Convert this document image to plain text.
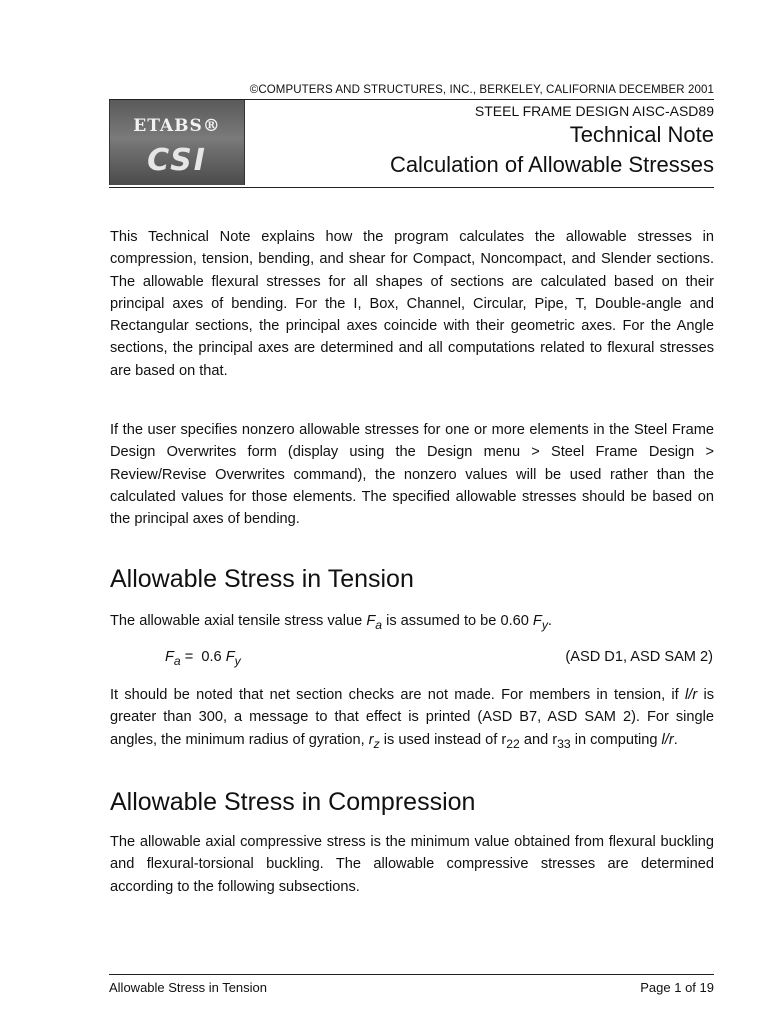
©COMPUTERS AND STRUCTURES, INC., BERKELEY, CALIFORNIA DECEMBER 2001
ETABS®
CSI
STEEL FRAME DESIGN AISC-ASD89
Technical Note
Calculation of Allowable Stresses

This Technical Note explains how the program calculates the allowable stresses in compression, tension, bending, and shear for Compact, Noncompact, and Slender sections. The allowable flexural stresses for all shapes of sections are calculated based on their principal axes of bending. For the I, Box, Channel, Circular, Pipe, T, Double-angle and Rectangular sections, the principal axes coincide with their geometric axes. For the Angle sections, the principal axes are determined and all computations related to flexural stresses are based on that.

If the user specifies nonzero allowable stresses for one or more elements in the Steel Frame Design Overwrites form (display using the Design menu > Steel Frame Design > Review/Revise Overwrites command), the nonzero values will be used rather than the calculated values for those elements. The specified allowable stresses should be based on the principal axes of bending.

Allowable Stress in Tension

The allowable axial tensile stress value $F_a$ is assumed to be 0.60 $F_y$.

$F_a = 0.6$ $F_y$	(ASD D1, ASD SAM 2)

It should be noted that net section checks are not made. For members in tension, if l/r is greater than 300, a message to that effect is printed (ASD B7, ASD SAM 2). For single angles, the minimum radius of gyration, $r_z$ is used instead of $r_{22}$ and $r_{33}$ in computing l/r.

Allowable Stress in Compression

The allowable axial compressive stress is the minimum value obtained from flexural buckling and flexural-torsional buckling. The allowable compressive stresses are determined according to the following subsections.

Allowable Stress in Tension	Page 1 of 19
